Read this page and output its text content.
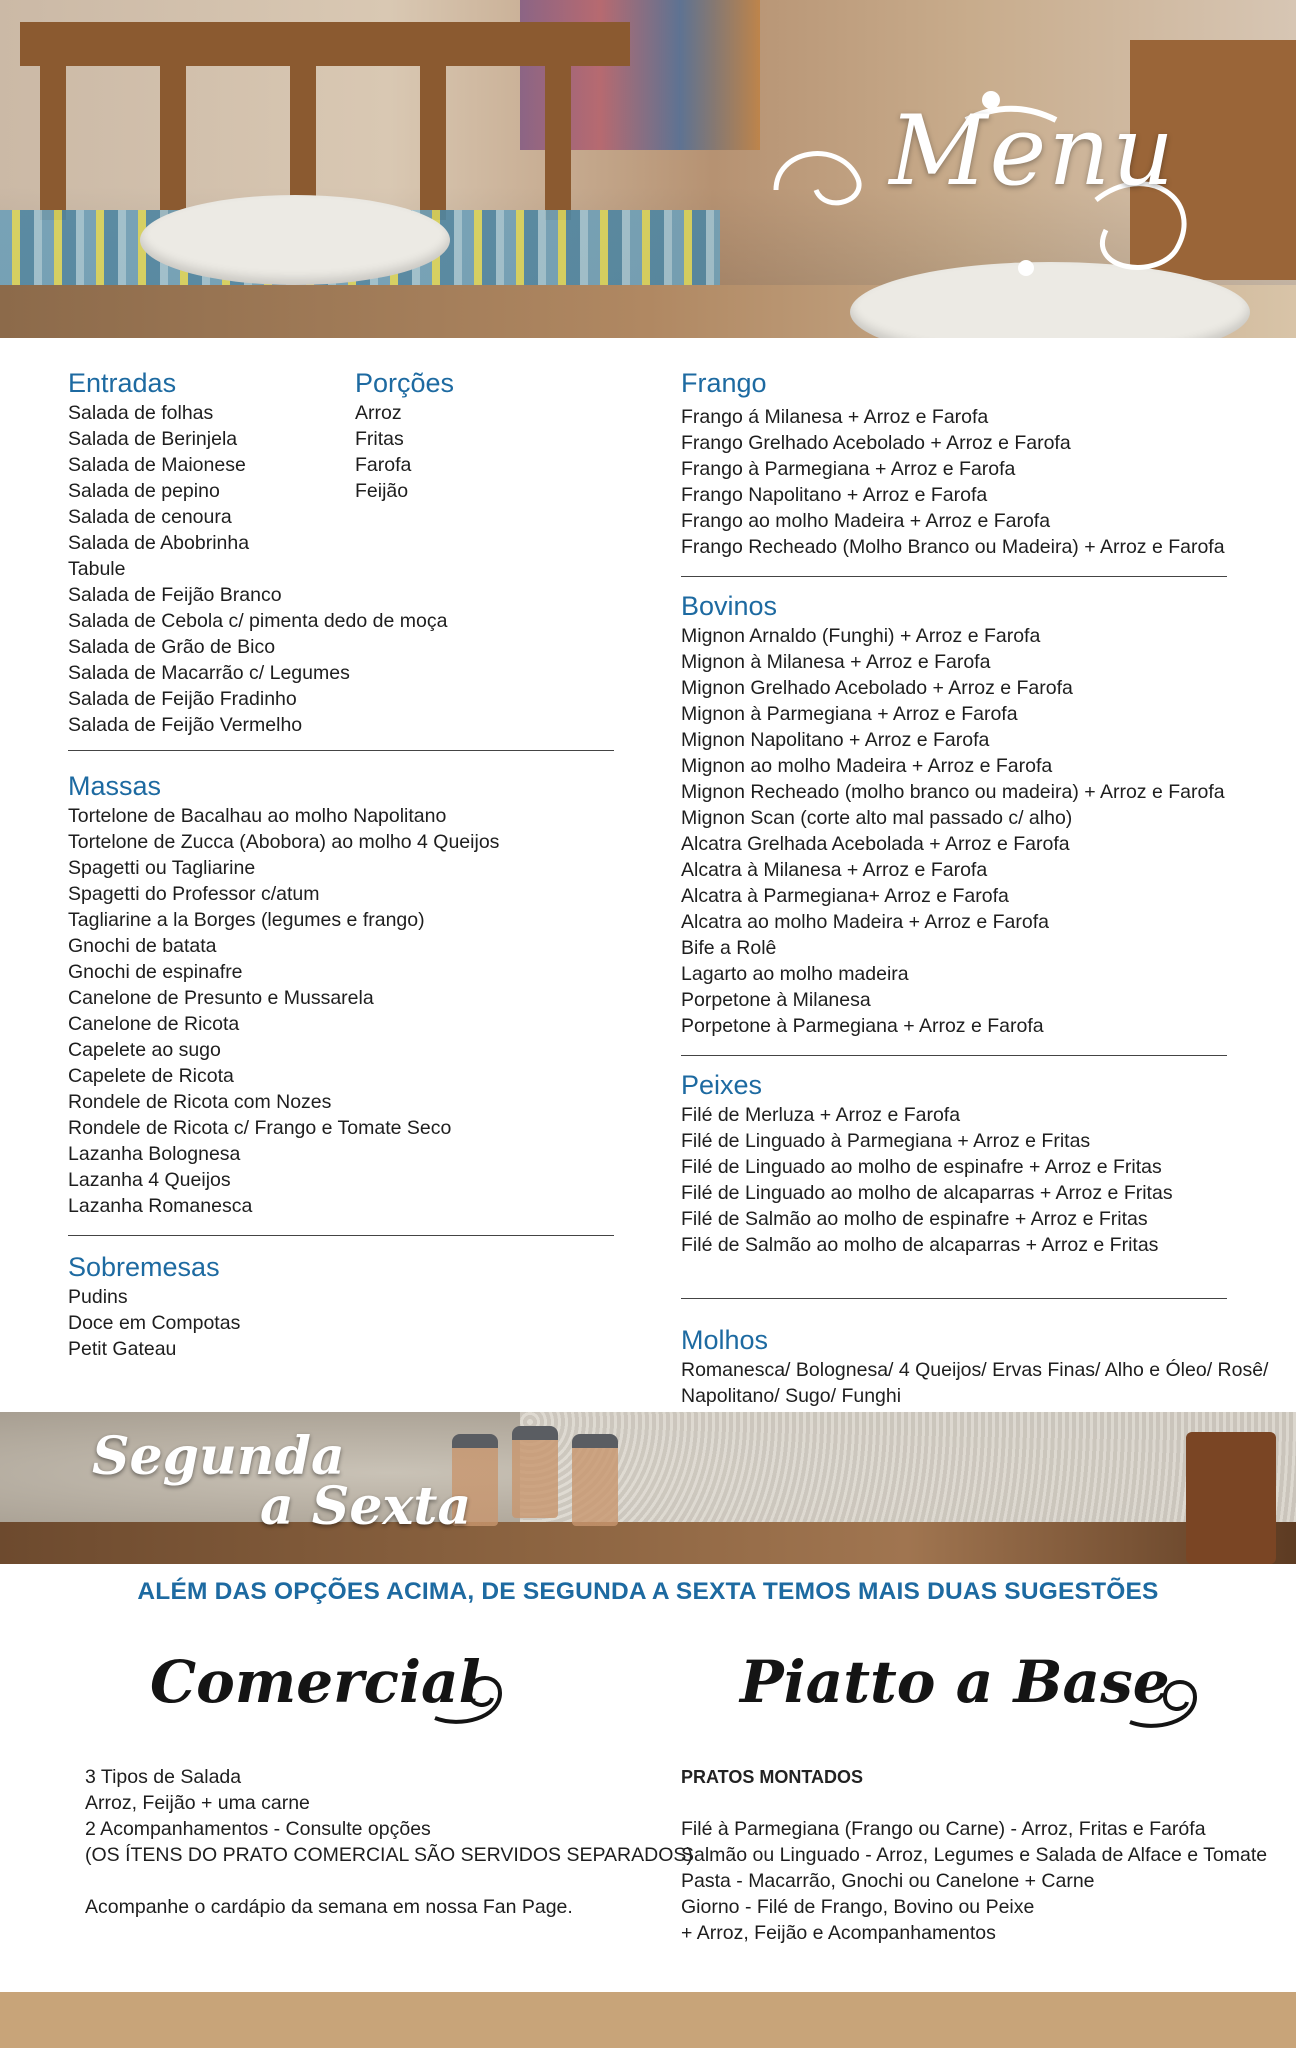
Menu
Entradas
Salada de folhas
Salada de Berinjela
Salada de Maionese
Salada de pepino
Salada de cenoura
Salada de Abobrinha
Tabule
Salada de Feijão Branco
Salada de Cebola c/ pimenta dedo de moça
Salada de Grão de Bico
Salada de Macarrão c/ Legumes
Salada de Feijão Fradinho
Salada de Feijão Vermelho
Porções
Arroz
Fritas
Farofa
Feijão
Massas
Tortelone de Bacalhau ao molho Napolitano
Tortelone de Zucca (Abobora) ao molho 4 Queijos
Spagetti ou Tagliarine
Spagetti do Professor c/atum
Tagliarine a la Borges (legumes e frango)
Gnochi de batata
Gnochi de espinafre
Canelone de Presunto e Mussarela
Canelone de Ricota
Capelete ao sugo
Capelete de Ricota
Rondele de Ricota com Nozes
Rondele de Ricota c/ Frango e Tomate Seco
Lazanha Bolognesa
Lazanha 4 Queijos
Lazanha Romanesca
Sobremesas
Pudins
Doce em Compotas
Petit Gateau
Frango
Frango á Milanesa + Arroz e Farofa
Frango Grelhado Acebolado + Arroz e Farofa
Frango à Parmegiana + Arroz e Farofa
Frango Napolitano + Arroz e Farofa
Frango ao molho Madeira + Arroz e Farofa
Frango Recheado (Molho Branco ou Madeira) + Arroz e Farofa
Bovinos
Mignon Arnaldo (Funghi) + Arroz e Farofa
Mignon à Milanesa + Arroz e Farofa
Mignon Grelhado Acebolado + Arroz e Farofa
Mignon à Parmegiana + Arroz e Farofa
Mignon Napolitano + Arroz e Farofa
Mignon ao molho Madeira + Arroz e Farofa
Mignon Recheado (molho branco ou madeira) + Arroz e Farofa
Mignon Scan (corte alto mal passado c/ alho)
Alcatra Grelhada Acebolada + Arroz e Farofa
Alcatra à Milanesa + Arroz e Farofa
Alcatra à Parmegiana+ Arroz e Farofa
Alcatra ao molho Madeira + Arroz e Farofa
Bife a Rolê
Lagarto ao molho madeira
Porpetone à Milanesa
Porpetone à Parmegiana + Arroz e Farofa
Peixes
Filé de Merluza + Arroz e Farofa
Filé de Linguado à Parmegiana + Arroz e Fritas
Filé de Linguado ao molho de espinafre + Arroz e Fritas
Filé de Linguado ao molho de alcaparras + Arroz e Fritas
Filé de Salmão ao molho de espinafre + Arroz e Fritas
Filé de Salmão ao molho de alcaparras + Arroz e Fritas
Molhos
Romanesca/ Bolognesa/ 4 Queijos/ Ervas Finas/ Alho e Óleo/ Rosê/
Napolitano/ Sugo/ Funghi
Segunda
a Sexta
ALÉM DAS OPÇÕES ACIMA, DE SEGUNDA A SEXTA TEMOS MAIS DUAS SUGESTÕES
Comercial
3 Tipos de Salada
Arroz, Feijão + uma carne
2 Acompanhamentos - Consulte opções
(OS ÍTENS DO PRATO COMERCIAL SÃO SERVIDOS SEPARADOS)
Acompanhe o cardápio da semana em nossa Fan Page.
Piatto a Base
PRATOS MONTADOS
Filé à Parmegiana (Frango ou Carne) - Arroz, Fritas e Farófa
Salmão ou Linguado - Arroz, Legumes e Salada de Alface e Tomate
Pasta - Macarrão, Gnochi ou Canelone + Carne
Giorno - Filé de Frango, Bovino ou Peixe
+ Arroz, Feijão e Acompanhamentos
